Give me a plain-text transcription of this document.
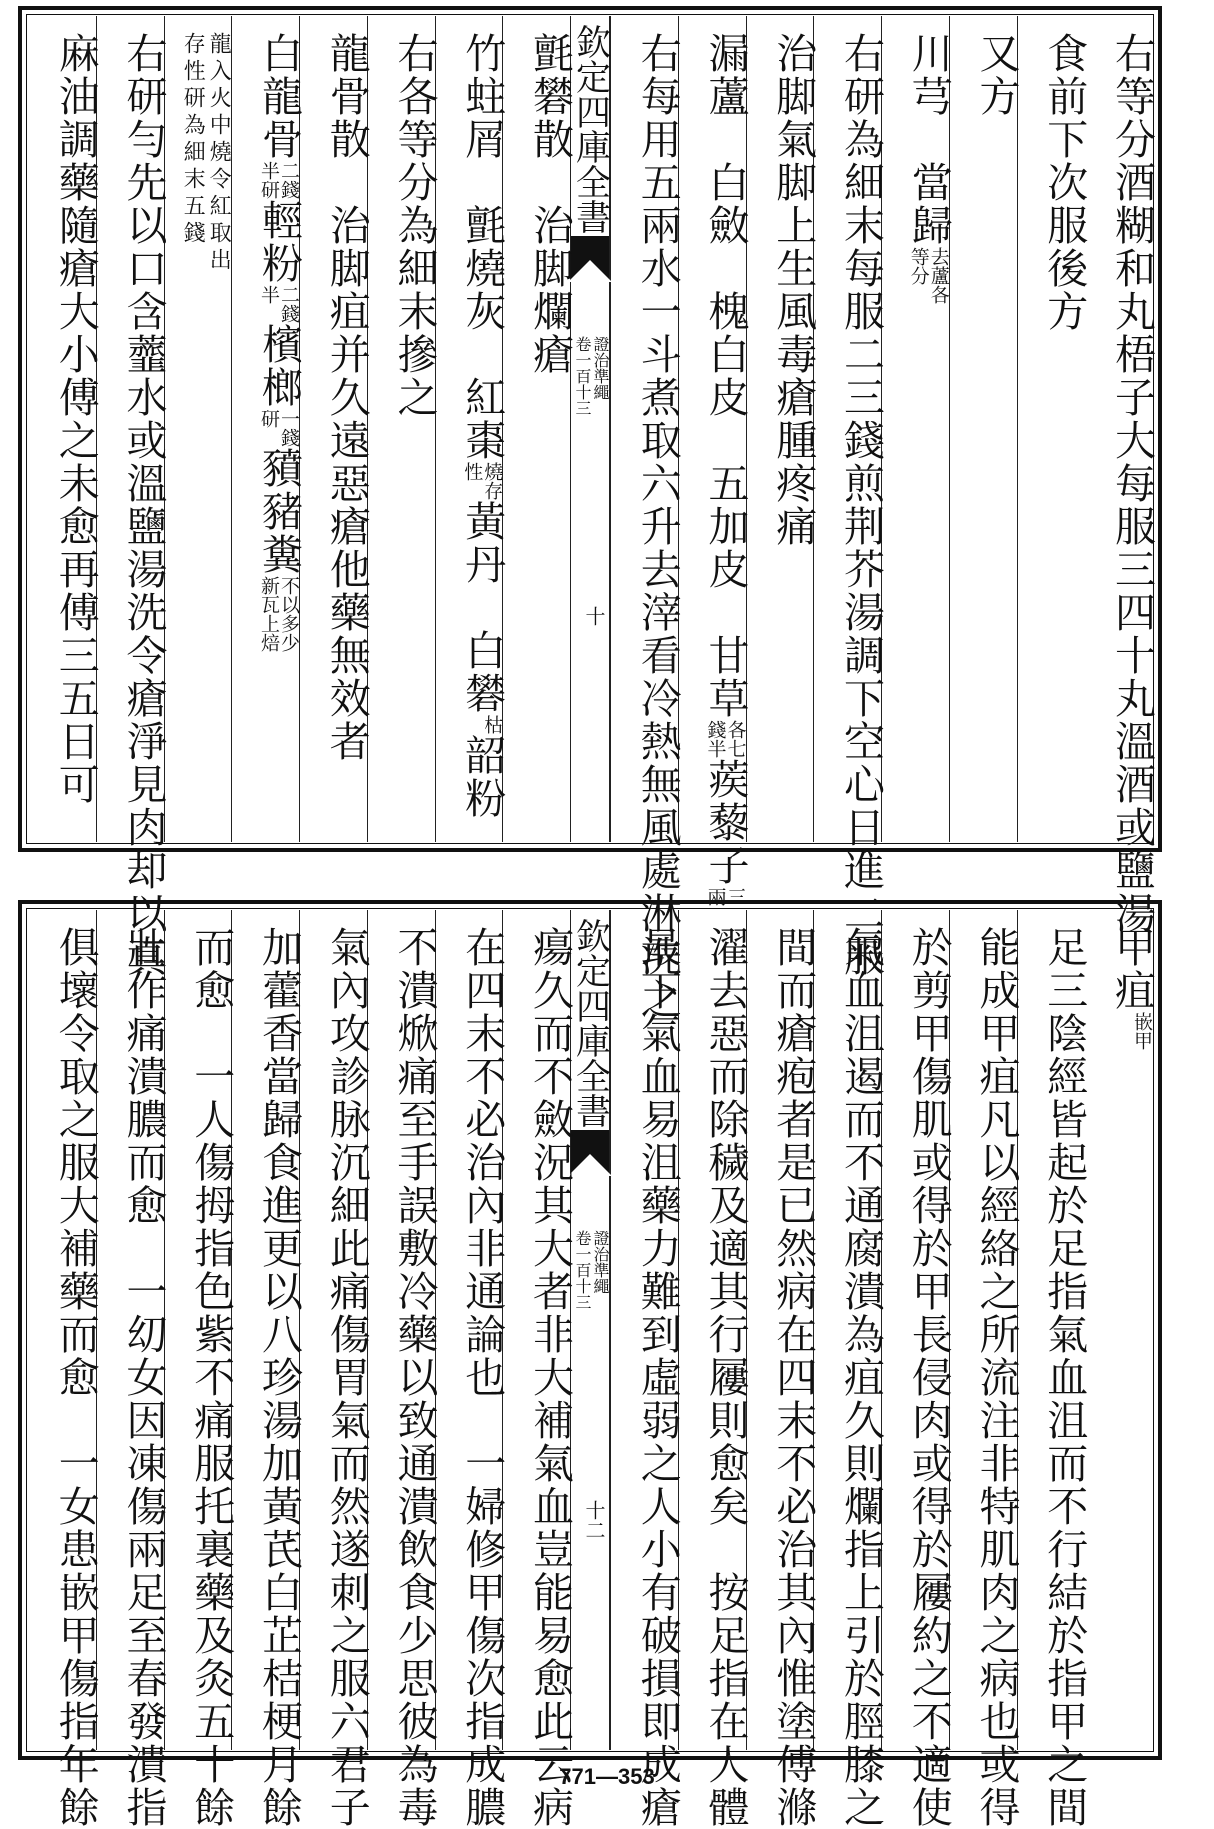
右等分酒糊和丸梧子大每服三四十丸溫酒或鹽湯
食前下次服後方
又方
川芎　當歸去蘆各
等分
右研為細末每服二三錢煎荆芥湯調下空心日進二服
治脚氣脚上生風毒瘡腫疼痛
漏蘆　白斂　槐白皮　五加皮　甘草各七
錢半蒺藜子三
兩
右每用五兩水一斗煮取六升去滓看冷熱無風處淋洗之
欽定四庫全書
證治準繩
卷一百十三
十
氈礬散　治脚爛瘡
竹蛀屑　氈燒灰　紅棗燒存
性黃丹　白礬枯韶粉
右各等分為細末摻之
龍骨散　治脚疽并久遠惡瘡他藥無效者
白龍骨二錢
半研輕粉二錢
半檳榔一錢
研豶豬糞不以多少
新瓦上焙
龍入火中燒令紅取出
存性研為細末五錢
右研勻先以口含虀水或溫鹽湯洗令瘡淨見肉却以真
麻油調藥隨瘡大小傅之未愈再傅三五日可
甲疽嵌甲
足三陰經皆起於足指氣血沮而不行結於指甲之間
能成甲疽凡以經絡之所流注非特肌肉之病也或得
於剪甲傷肌或得於甲長侵肉或得於屨約之不適使
氣血沮遏而不通腐潰為疽久則爛指上引於脛膝之
間而瘡疱者是已然病在四末不必治其內惟塗傅滌
濯去惡而除穢及適其行屨則愈矣　按足指在人體
最下氣血易沮藥力難到虛弱之人小有破損即成瘡
欽定四庫全書
證治準繩
卷一百十三
十二
瘍久而不斂況其大者非大補氣血豈能易愈此云病
在四末不必治內非通論也　一婦修甲傷次指成膿
不潰焮痛至手誤敷冷藥以致通潰飲食少思彼為毒
氣內攻診脉沉細此痛傷胃氣而然遂刺之服六君子
加藿香當歸食進更以八珍湯加黃芪白芷桔梗月餘
而愈　一人傷拇指色紫不痛服托裏藥及灸五十餘
壯作痛潰膿而愈　一㓜女因凍傷兩足至春發潰指
俱壞令取之服大補藥而愈　一女患嵌甲傷指年餘	771—353
